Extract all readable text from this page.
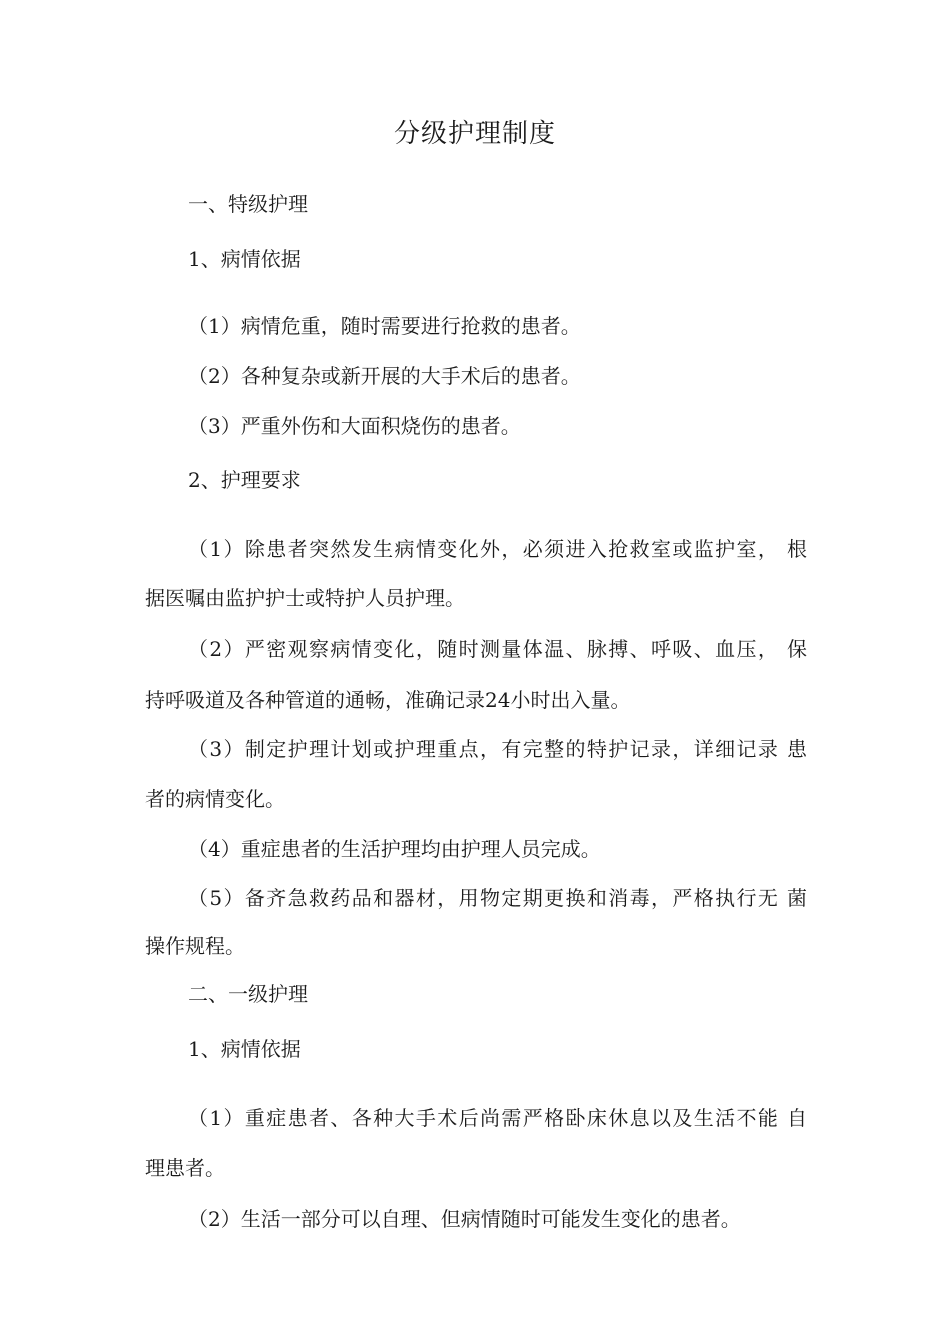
分级护理制度
一、特级护理
1、病情依据
（1）病情危重，随时需要进行抢救的患者。
（2）各种复杂或新开展的大手术后的患者。
（3）严重外伤和大面积烧伤的患者。
2、护理要求
（1）除患者突然发生病情变化外，必须进入抢救室或监护室， 根
据医嘱由监护护士或特护人员护理。
（2）严密观察病情变化，随时测量体温、脉搏、呼吸、血压， 保
持呼吸道及各种管道的通畅，准确记录24小时出入量。
（3）制定护理计划或护理重点，有完整的特护记录，详细记录 患
者的病情变化。
（4）重症患者的生活护理均由护理人员完成。
（5）备齐急救药品和器材，用物定期更换和消毒，严格执行无 菌
操作规程。
二、一级护理
1、病情依据
（1）重症患者、各种大手术后尚需严格卧床休息以及生活不能 自
理患者。
（2）生活一部分可以自理、但病情随时可能发生变化的患者。
